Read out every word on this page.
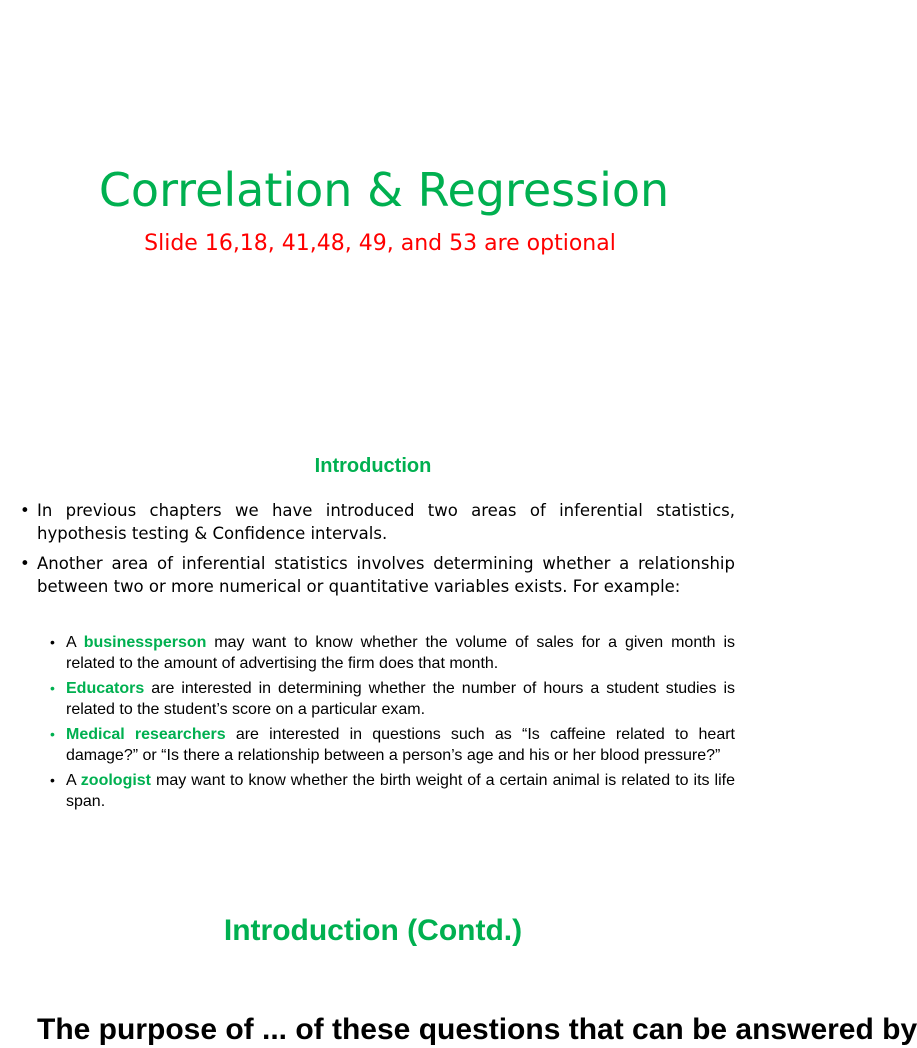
Correlation & Regression
Slide 16,18, 41,48, 49, and 53 are optional
Introduction
• In previous chapters we have introduced two areas of inferential statistics, hypothesis testing & Confidence intervals.
• Another area of inferential statistics involves determining whether a relationship between two or more numerical or quantitative variables exists. For example:
• A businessperson may want to know whether the volume of sales for a given month is related to the amount of advertising the firm does that month.
• Educators are interested in determining whether the number of hours a student studies is related to the student’s score on a particular exam.
• Medical researchers are interested in questions such as “Is caffeine related to heart damage?” or “Is there a relationship between a person’s age and his or her blood pressure?”
• A zoologist may want to know whether the birth weight of a certain animal is related to its life span.
Introduction (Contd.)
The purpose of ... of these questions that can be answered by
